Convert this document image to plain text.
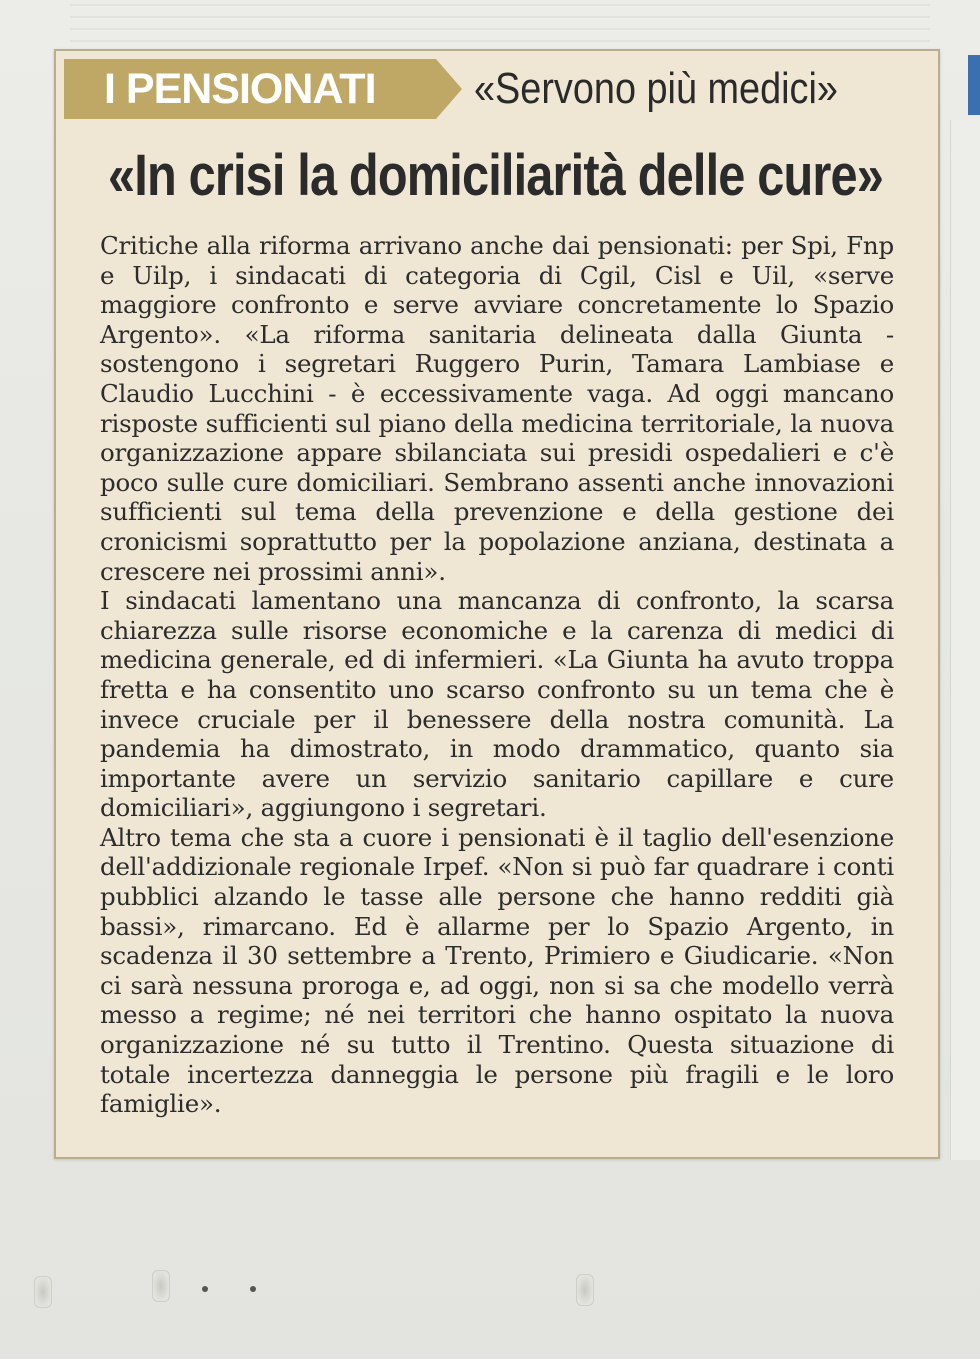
I PENSIONATI	«Servono più medici»
«In crisi la domiciliarità delle cure»

Critiche alla riforma arrivano anche dai pensionati: per Spi, Fnp e Uilp, i sindacati di categoria di Cgil, Cisl e Uil, «serve maggiore confronto e serve avviare concretamente lo Spazio Argento». «La riforma sanitaria delineata dalla Giunta - sostengono i segretari Ruggero Purin, Tamara Lambiase e Claudio Lucchini - è eccessivamente vaga. Ad oggi mancano risposte sufficienti sul piano della medicina territoriale, la nuova organizzazione appare sbilanciata sui presidi ospedalieri e c'è poco sulle cure domiciliari. Sembrano assenti anche innovazioni sufficienti sul tema della prevenzione e della gestione dei cronicismi soprattutto per la popolazione anziana, destinata a crescere nei prossimi anni».

I sindacati lamentano una mancanza di confronto, la scarsa chiarezza sulle risorse economiche e la carenza di medici di medicina generale, ed di infermieri. «La Giunta ha avuto troppa fretta e ha consentito uno scarso confronto su un tema che è invece cruciale per il benessere della nostra comunità. La pandemia ha dimostrato, in modo drammatico, quanto sia importante avere un servizio sanitario capillare e cure domiciliari», aggiungono i segretari.

Altro tema che sta a cuore i pensionati è il taglio dell'esenzione dell'addizionale regionale Irpef. «Non si può far quadrare i conti pubblici alzando le tasse alle persone che hanno redditi già bassi», rimarcano. Ed è allarme per lo Spazio Argento, in scadenza il 30 settembre a Trento, Primiero e Giudicarie. «Non ci sarà nessuna proroga e, ad oggi, non si sa che modello verrà messo a regime; né nei territori che hanno ospitato la nuova organizzazione né su tutto il Trentino. Questa situazione di totale incertezza danneggia le persone più fragili e le loro famiglie».
